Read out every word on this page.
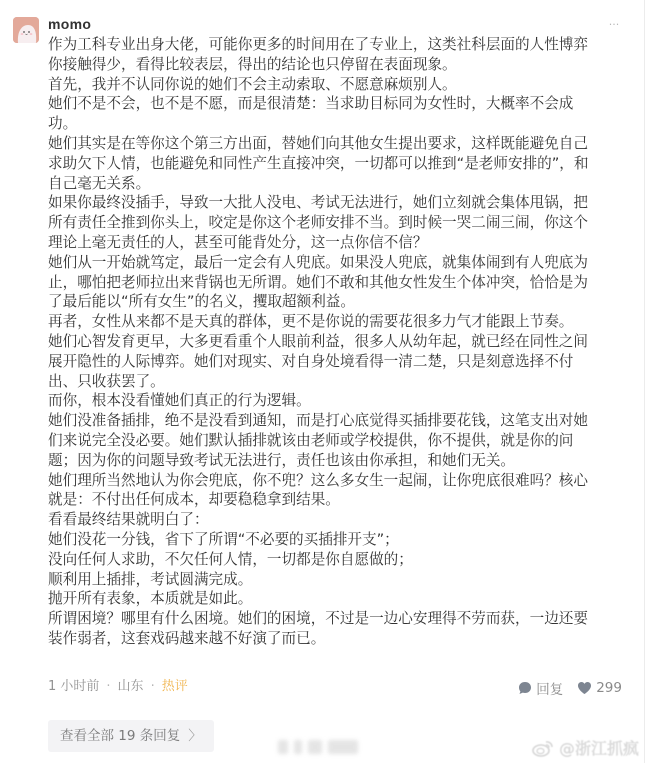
momo	···

作为工科专业出身大佬，可能你更多的时间用在了专业上，这类社科层面的人性博弈你接触得少，看得比较表层，得出的结论也只停留在表面现象。

首先，我并不认同你说的她们不会主动索取、不愿意麻烦别人。

她们不是不会，也不是不愿，而是很清楚：当求助目标同为女性时，大概率不会成功。

她们其实是在等你这个第三方出面，替她们向其他女生提出要求，这样既能避免自己求助欠下人情，也能避免和同性产生直接冲突，一切都可以推到“是老师安排的”，和自己毫无关系。

如果你最终没插手，导致一大批人没电、考试无法进行，她们立刻就会集体甩锅，把所有责任全推到你头上，咬定是你这个老师安排不当。到时候一哭二闹三闹，你这个理论上毫无责任的人，甚至可能背处分，这一点你信不信？

她们从一开始就笃定，最后一定会有人兜底。如果没人兜底，就集体闹到有人兜底为止，哪怕把老师拉出来背锅也无所谓。她们不敢和其他女性发生个体冲突，恰恰是为了最后能以“所有女生”的名义，攫取超额利益。

再者，女性从来都不是天真的群体，更不是你说的需要花很多力气才能跟上节奏。

她们心智发育更早，大多更看重个人眼前利益，很多人从幼年起，就已经在同性之间展开隐性的人际博弈。她们对现实、对自身处境看得一清二楚，只是刻意选择不付出、只收获罢了。

而你，根本没看懂她们真正的行为逻辑。

她们没准备插排，绝不是没看到通知，而是打心底觉得买插排要花钱，这笔支出对她们来说完全没必要。她们默认插排就该由老师或学校提供，你不提供，就是你的问题；因为你的问题导致考试无法进行，责任也该由你承担，和她们无关。

她们理所当然地认为你会兜底，你不兜？这么多女生一起闹，让你兜底很难吗？核心就是：不付出任何成本，却要稳稳拿到结果。

看看最终结果就明白了：

她们没花一分钱，省下了所谓“不必要的买插排开支”；

没向任何人求助，不欠任何人情，一切都是你自愿做的；

顺利用上插排，考试圆满完成。

抛开所有表象，本质就是如此。

所谓困境？哪里有什么困境。她们的困境，不过是一边心安理得不劳而获，一边还要装作弱者，这套戏码越来越不好演了而已。

1 小时前 · 山东 · 热评	回复 299
查看全部 19 条回复 〉
@浙江抓疯
